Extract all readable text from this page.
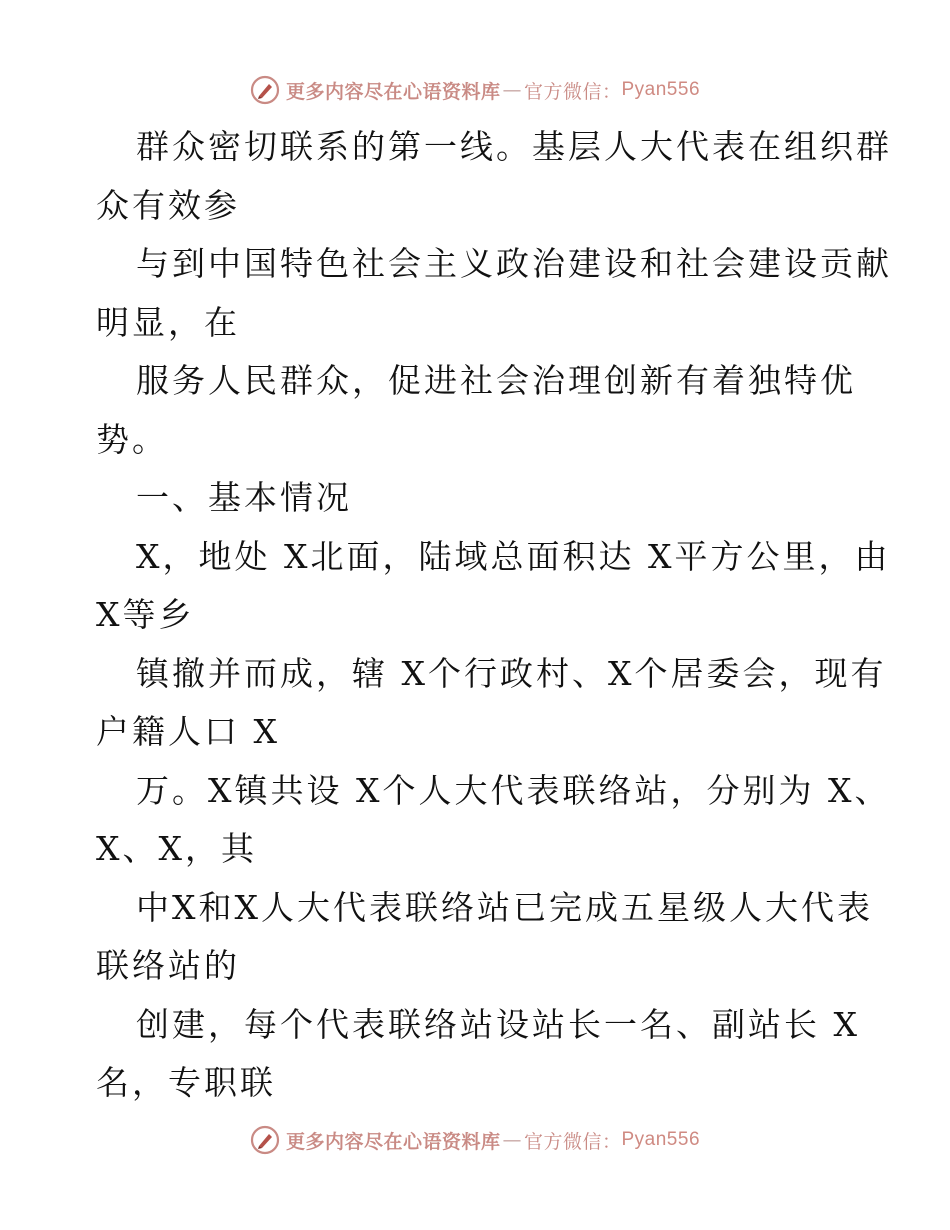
更多内容尽在心语资料库 — 官方微信： Pyan556
群众密切联系的第一线。基层人大代表在组织群
众有效参
与到中国特色社会主义政治建设和社会建设贡献
明显，在
服务人民群众，促进社会治理创新有着独特优
势。
一、基本情况
X，地处 X北面，陆域总面积达 X平方公里，由
X等乡
镇撤并而成，辖 X个行政村、X个居委会，现有
户籍人口 X
万。X镇共设 X个人大代表联络站，分别为 X、
X、X，其
中X和X人大代表联络站已完成五星级人大代表
联络站的
创建，每个代表联络站设站长一名、副站长 X
名，专职联
更多内容尽在心语资料库 — 官方微信： Pyan556
